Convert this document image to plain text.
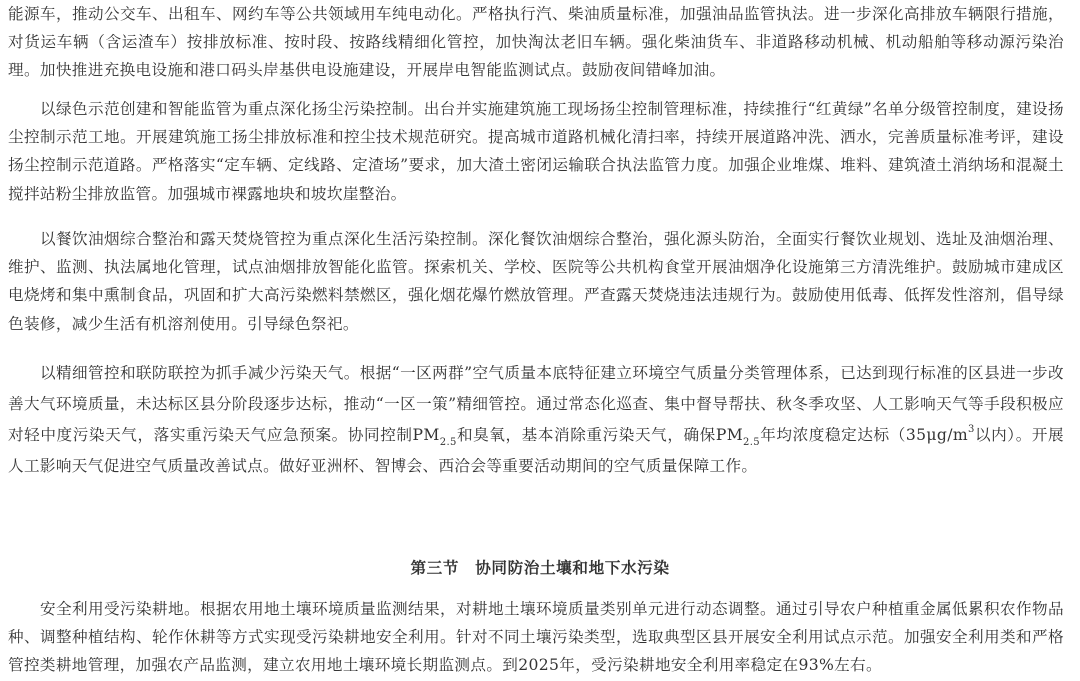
能源车，推动公交车、出租车、网约车等公共领域用车纯电动化。严格执行汽、柴油质量标准，加强油品监管执法。进一步深化高排放车辆限行措施，对货运车辆（含运渣车）按排放标准、按时段、按路线精细化管控，加快淘汰老旧车辆。强化柴油货车、非道路移动机械、机动船舶等移动源污染治理。加快推进充换电设施和港口码头岸基供电设施建设，开展岸电智能监测试点。鼓励夜间错峰加油。

以绿色示范创建和智能监管为重点深化扬尘污染控制。出台并实施建筑施工现场扬尘控制管理标准，持续推行“红黄绿”名单分级管控制度，建设扬尘控制示范工地。开展建筑施工扬尘排放标准和控尘技术规范研究。提高城市道路机械化清扫率，持续开展道路冲洗、洒水，完善质量标准考评，建设扬尘控制示范道路。严格落实“定车辆、定线路、定渣场”要求，加大渣土密闭运输联合执法监管力度。加强企业堆煤、堆料、建筑渣土消纳场和混凝土搅拌站粉尘排放监管。加强城市裸露地块和坡坎崖整治。

以餐饮油烟综合整治和露天焚烧管控为重点深化生活污染控制。深化餐饮油烟综合整治，强化源头防治，全面实行餐饮业规划、选址及油烟治理、维护、监测、执法属地化管理，试点油烟排放智能化监管。探索机关、学校、医院等公共机构食堂开展油烟净化设施第三方清洗维护。鼓励城市建成区电烧烤和集中熏制食品，巩固和扩大高污染燃料禁燃区，强化烟花爆竹燃放管理。严查露天焚烧违法违规行为。鼓励使用低毒、低挥发性溶剂，倡导绿色装修，减少生活有机溶剂使用。引导绿色祭祀。

以精细管控和联防联控为抓手减少污染天气。根据“一区两群”空气质量本底特征建立环境空气质量分类管理体系，已达到现行标准的区县进一步改善大气环境质量，未达标区县分阶段逐步达标，推动“一区一策”精细管控。通过常态化巡查、集中督导帮扶、秋冬季攻坚、人工影响天气等手段积极应对轻中度污染天气，落实重污染天气应急预案。协同控制$PM_{2.5}$和臭氧，基本消除重污染天气，确保$PM_{2.5}$年均浓度稳定达标（$35\mu g/m^3$以内）。开展人工影响天气促进空气质量改善试点。做好亚洲杯、智博会、西洽会等重要活动期间的空气质量保障工作。

第三节　协同防治土壤和地下水污染

安全利用受污染耕地。根据农用地土壤环境质量监测结果，对耕地土壤环境质量类别单元进行动态调整。通过引导农户种植重金属低累积农作物品种、调整种植结构、轮作休耕等方式实现受污染耕地安全利用。针对不同土壤污染类型，选取典型区县开展安全利用试点示范。加强安全利用类和严格管控类耕地管理，加强农产品监测，建立农用地土壤环境长期监测点。到2025年，受污染耕地安全利用率稳定在93%左右。
